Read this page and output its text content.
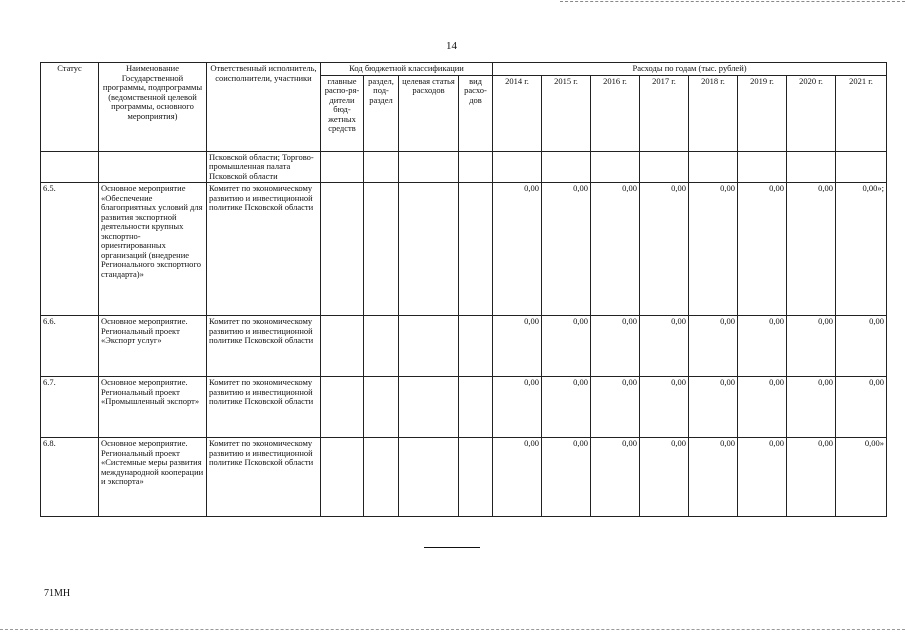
14
Статус	Наименование Государственной программы, подпрограммы (ведомственной целевой программы, основного мероприятия)	Ответственный исполнитель, соисполнители, участники	Код бюджетной классификации				Расходы по годам (тыс. рублей)							
			главные распо-ря-дители бюд-жетных средств	раздел, под-раздел	целевая статья расходов	вид расхо-дов	2014 г.	2015 г.	2016 г.	2017 г.	2018 г.	2019 г.	2020 г.	2021 г.
		Псковской области; Торгово-промышленная палата Псковской области												
6.5.	Основное мероприятие «Обеспечение благоприятных условий для развития экспортной деятельности крупных экспортно-ориентированных организаций (внедрение Регионального экспортного стандарта)»	Комитет по экономическому развитию и инвестиционной политике Псковской области					0,00	0,00	0,00	0,00	0,00	0,00	0,00	0,00»;
6.6.	Основное мероприятие. Региональный проект «Экспорт услуг»	Комитет по экономическому развитию и инвестиционной политике Псковской области					0,00	0,00	0,00	0,00	0,00	0,00	0,00	0,00
6.7.	Основное мероприятие. Региональный проект «Промышленный экспорт»	Комитет по экономическому развитию и инвестиционной политике Псковской области					0,00	0,00	0,00	0,00	0,00	0,00	0,00	0,00
6.8.	Основное мероприятие. Региональный проект «Системные меры развития международной кооперации и экспорта»	Комитет по экономическому развитию и инвестиционной политике Псковской области					0,00	0,00	0,00	0,00	0,00	0,00	0,00	0,00»
71МН
